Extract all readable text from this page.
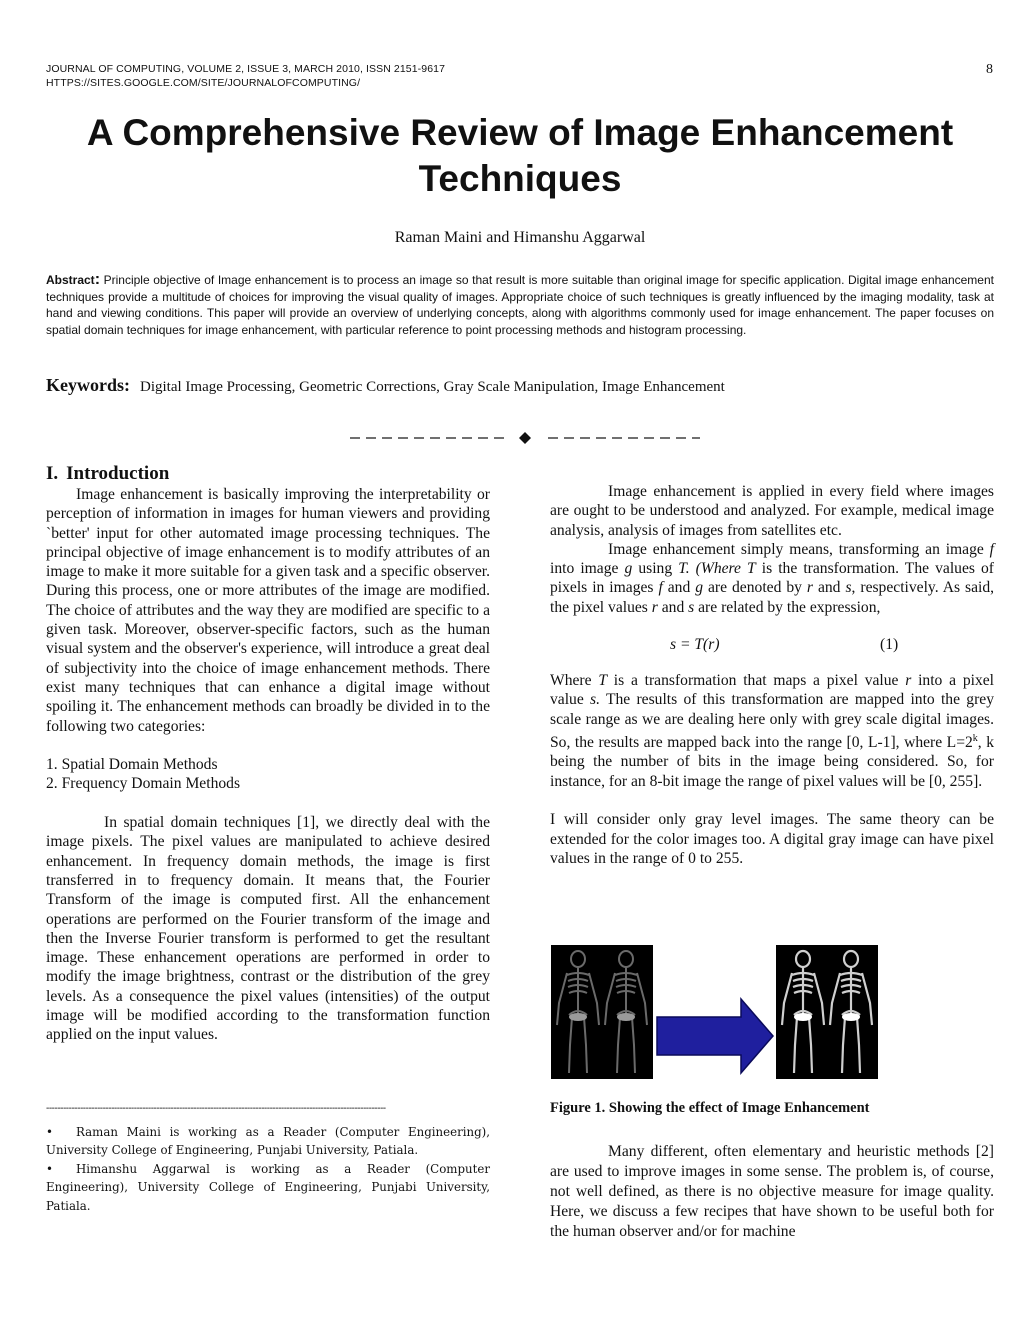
JOURNAL OF COMPUTING, VOLUME 2, ISSUE 3, MARCH 2010, ISSN 2151-9617
HTTPS://SITES.GOOGLE.COM/SITE/JOURNALOFCOMPUTING/
8
A Comprehensive Review of Image Enhancement Techniques
Raman Maini and Himanshu Aggarwal
Abstract: Principle objective of Image enhancement is to process an image so that result is more suitable than original image for specific application. Digital image enhancement techniques provide a multitude of choices for improving the visual quality of images. Appropriate choice of such techniques is greatly influenced by the imaging modality, task at hand and viewing conditions. This paper will provide an overview of underlying concepts, along with algorithms commonly used for image enhancement. The paper focuses on spatial domain techniques for image enhancement, with particular reference to point processing methods and histogram processing.
Keywords: Digital Image Processing, Geometric Corrections, Gray Scale Manipulation, Image Enhancement
I. Introduction

Image enhancement is basically improving the interpretability or perception of information in images for human viewers and providing `better' input for other automated image processing techniques. The principal objective of image enhancement is to modify attributes of an image to make it more suitable for a given task and a specific observer. During this process, one or more attributes of the image are modified. The choice of attributes and the way they are modified are specific to a given task. Moreover, observer-specific factors, such as the human visual system and the observer's experience, will introduce a great deal of subjectivity into the choice of image enhancement methods. There exist many techniques that can enhance a digital image without spoiling it. The enhancement methods can broadly be divided in to the following two categories:

1. Spatial Domain Methods

2. Frequency Domain Methods

In spatial domain techniques [1], we directly deal with the image pixels. The pixel values are manipulated to achieve desired enhancement. In frequency domain methods, the image is first transferred in to frequency domain. It means that, the Fourier Transform of the image is computed first. All the enhancement operations are performed on the Fourier transform of the image and then the Inverse Fourier transform is performed to get the resultant image. These enhancement operations are performed in order to modify the image brightness, contrast or the distribution of the grey levels. As a consequence the pixel values (intensities) of the output image will be modified according to the transformation function applied on the input values.

------------------------------------------------------------------------------------------------------------------------
• Raman Maini is working as a Reader (Computer Engineering), University College of Engineering, Punjabi University, Patiala.
• Himanshu Aggarwal is working as a Reader (Computer Engineering), University College of Engineering, Punjabi University, Patiala.

Image enhancement is applied in every field where images are ought to be understood and analyzed. For example, medical image analysis, analysis of images from satellites etc.

Image enhancement simply means, transforming an image f into image g using T. (Where T is the transformation. The values of pixels in images f and g are denoted by r and s, respectively. As said, the pixel values r and s are related by the expression,

s = T(r)	(1)

Where T is a transformation that maps a pixel value r into a pixel value s. The results of this transformation are mapped into the grey scale range as we are dealing here only with grey scale digital images. So, the results are mapped back into the range [0, L-1], where $L=2^k$, k being the number of bits in the image being considered. So, for instance, for an 8-bit image the range of pixel values will be [0, 255].

I will consider only gray level images. The same theory can be extended for the color images too. A digital gray image can have pixel values in the range of 0 to 255.

Figure 1. Showing the effect of Image Enhancement

Many different, often elementary and heuristic methods [2] are used to improve images in some sense. The problem is, of course, not well defined, as there is no objective measure for image quality. Here, we discuss a few recipes that have shown to be useful both for the human observer and/or for machine
